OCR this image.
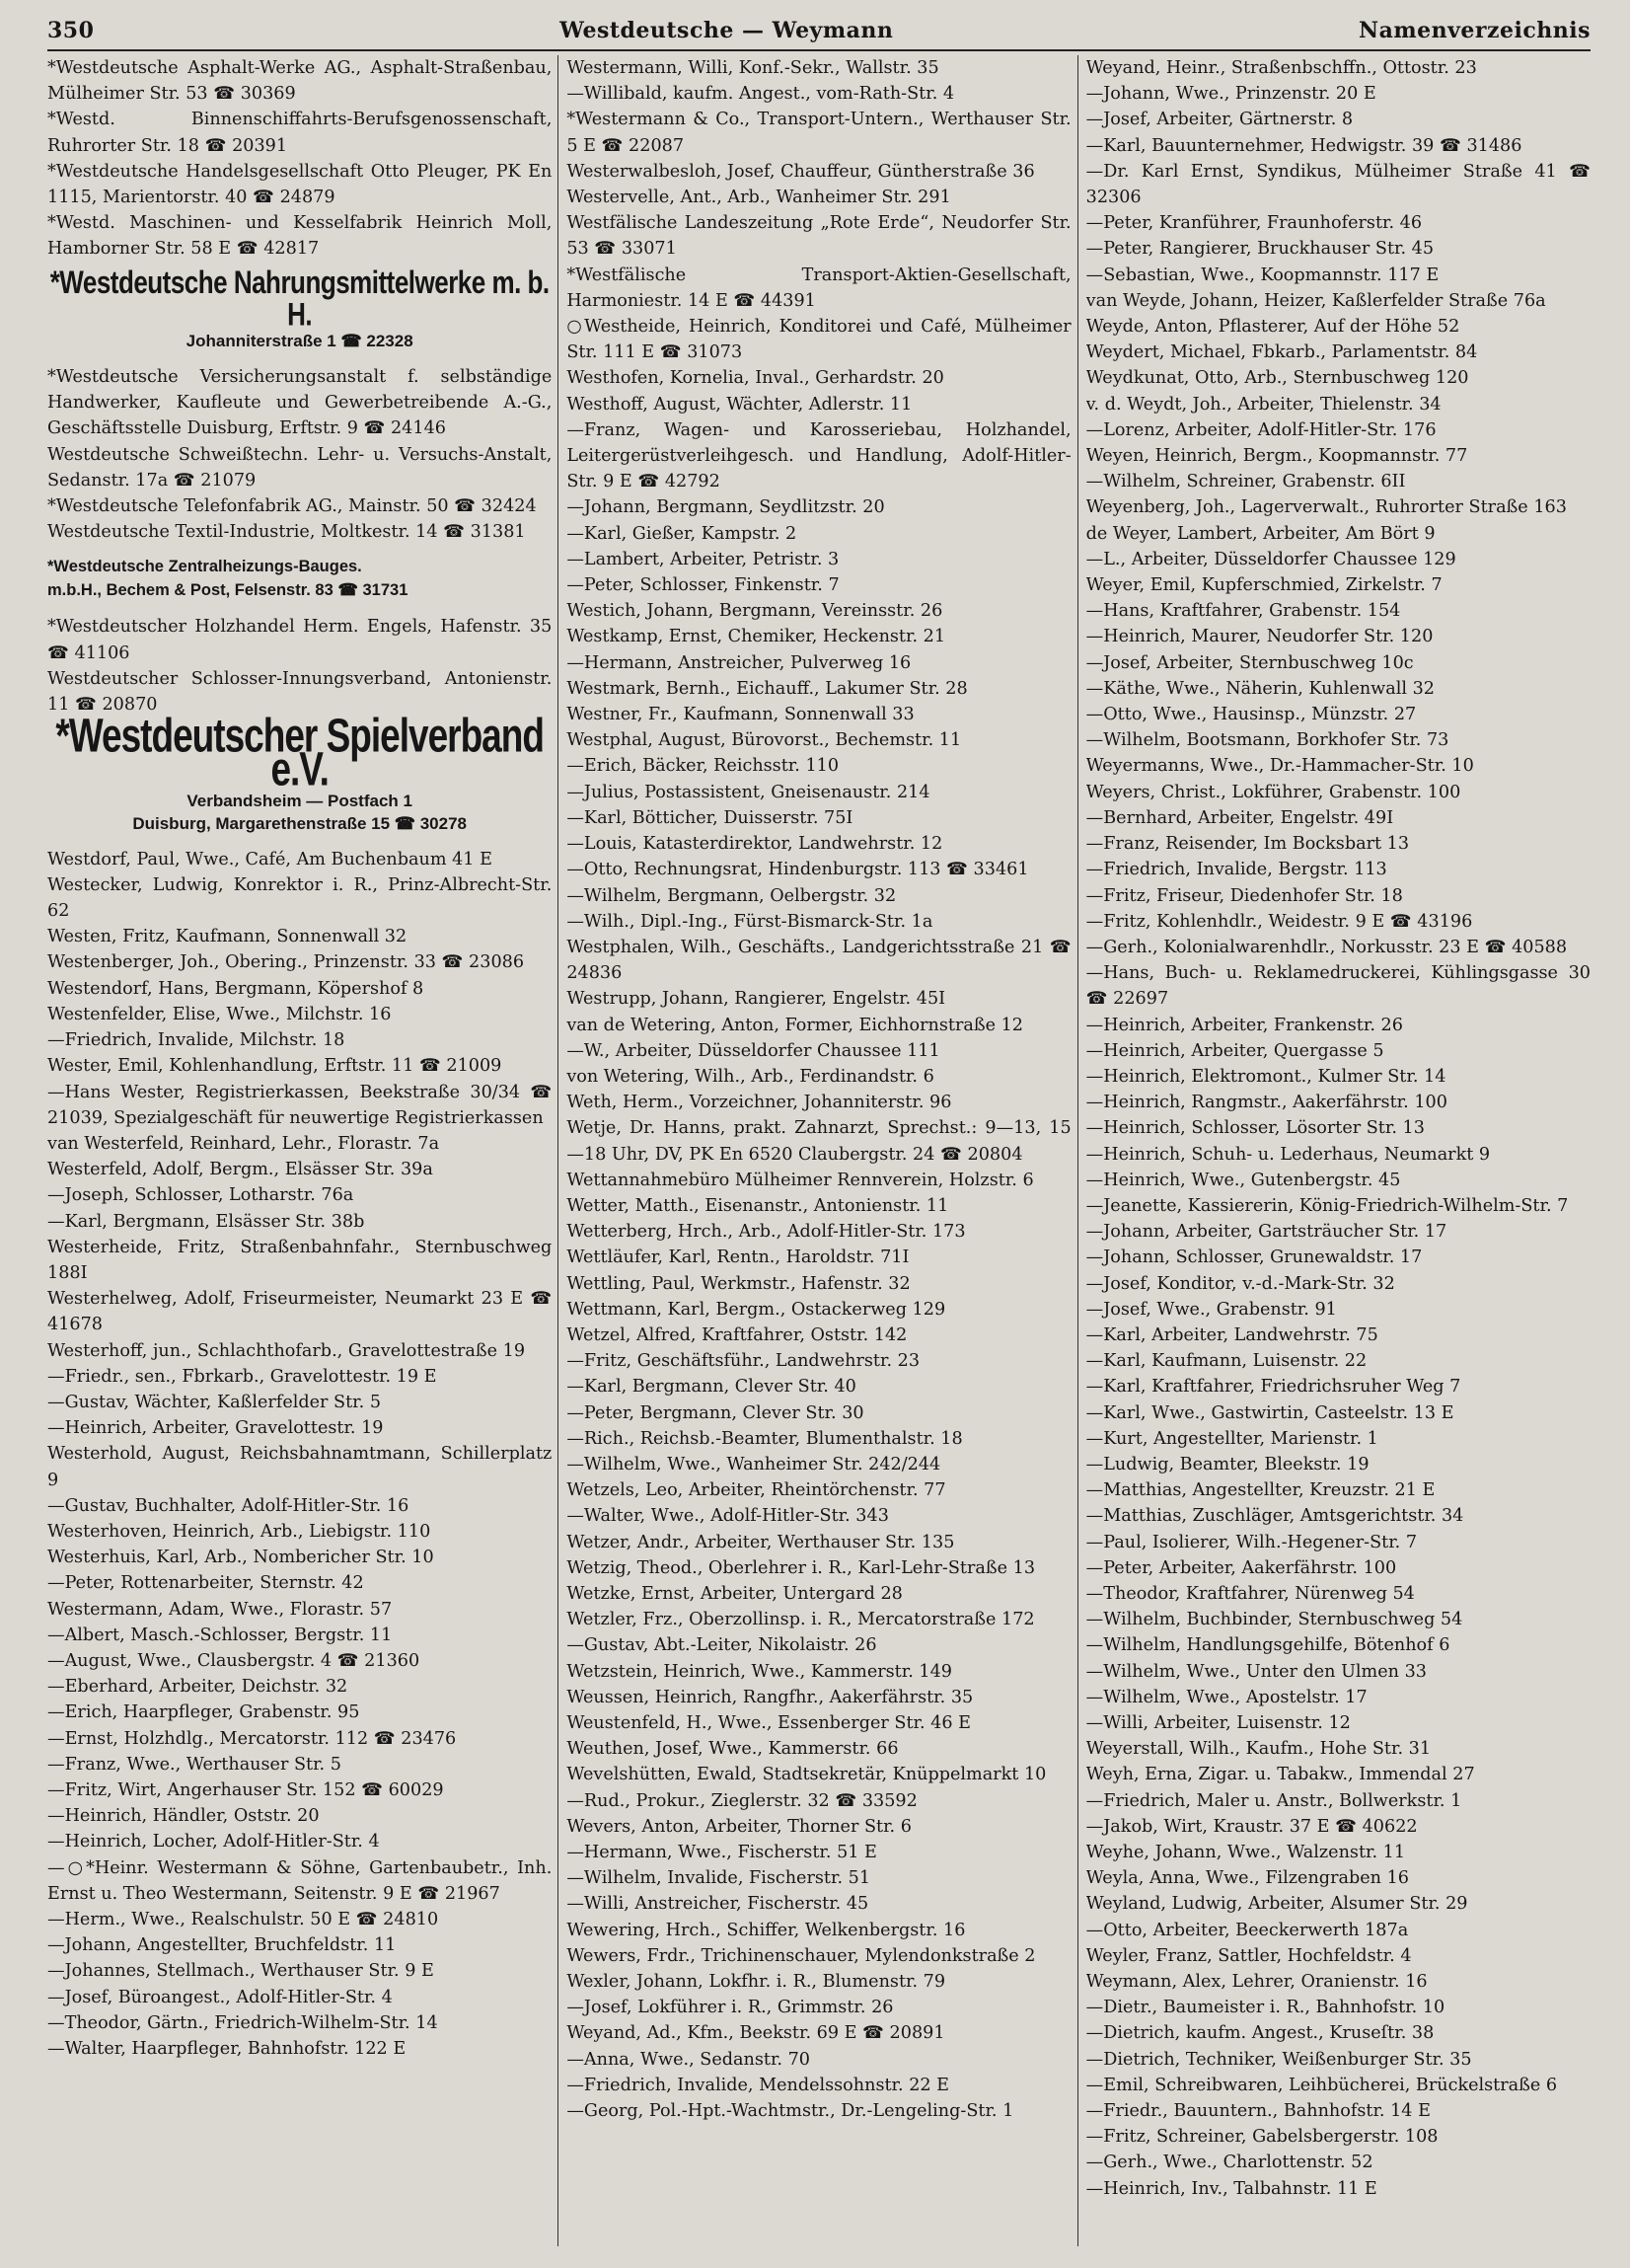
350	Westdeutsche — Weymann	Namenverzeichnis

*Westdeutsche Asphalt-Werke AG., Asphalt-Straßenbau, Mülheimer Str. 53 ☎ 30369

*Westd. Binnenschiffahrts-Berufsgenossenschaft, Ruhrorter Str. 18 ☎ 20391

*Westdeutsche Handelsgesellschaft Otto Pleuger, PK En 1115, Marientorstr. 40 ☎ 24879

*Westd. Maschinen- und Kesselfabrik Heinrich Moll, Hamborner Str. 58 E ☎ 42817

*Westdeutsche Nahrungsmittelwerke m. b. H.
Johanniterstraße 1 ☎ 22328

*Westdeutsche Versicherungsanstalt f. selbständige Handwerker, Kaufleute und Gewerbetreibende A.-G., Geschäftsstelle Duisburg, Erftstr. 9 ☎ 24146

Westdeutsche Schweißtechn. Lehr- u. Versuchs-Anstalt, Sedanstr. 17a ☎ 21079

*Westdeutsche Telefonfabrik AG., Mainstr. 50 ☎ 32424

Westdeutsche Textil-Industrie, Moltkestr. 14 ☎ 31381

*Westdeutsche Zentralheizungs-Bauges.
m.b.H., Bechem & Post, Felsenstr. 83 ☎ 31731

*Westdeutscher Holzhandel Herm. Engels, Hafenstr. 35 ☎ 41106

Westdeutscher Schlosser-Innungsverband, Antonienstr. 11 ☎ 20870

*Westdeutscher Spielverband e.V.
Verbandsheim — Postfach 1
Duisburg, Margarethenstraße 15 ☎ 30278

Westdorf, Paul, Wwe., Café, Am Buchenbaum 41 E

Westecker, Ludwig, Konrektor i. R., Prinz-Albrecht-Str. 62

Westen, Fritz, Kaufmann, Sonnenwall 32

Westenberger, Joh., Obering., Prinzenstr. 33 ☎ 23086

Westendorf, Hans, Bergmann, Köpershof 8

Westenfelder, Elise, Wwe., Milchstr. 16

—Friedrich, Invalide, Milchstr. 18

Wester, Emil, Kohlenhandlung, Erftstr. 11 ☎ 21009

—Hans Wester, Registrierkassen, Beekstraße 30/34 ☎ 21039, Spezialgeschäft für neuwertige Registrierkassen

van Westerfeld, Reinhard, Lehr., Florastr. 7a

Westerfeld, Adolf, Bergm., Elsässer Str. 39a

—Joseph, Schlosser, Lotharstr. 76a

—Karl, Bergmann, Elsässer Str. 38b

Westerheide, Fritz, Straßenbahnfahr., Sternbuschweg 188I

Westerhelweg, Adolf, Friseurmeister, Neumarkt 23 E ☎ 41678

Westerhoff, jun., Schlachthofarb., Gravelottestraße 19

—Friedr., sen., Fbrkarb., Gravelottestr. 19 E

—Gustav, Wächter, Kaßlerfelder Str. 5

—Heinrich, Arbeiter, Gravelottestr. 19

Westerhold, August, Reichsbahnamtmann, Schillerplatz 9

—Gustav, Buchhalter, Adolf-Hitler-Str. 16

Westerhoven, Heinrich, Arb., Liebigstr. 110

Westerhuis, Karl, Arb., Nombericher Str. 10

—Peter, Rottenarbeiter, Sternstr. 42

Westermann, Adam, Wwe., Florastr. 57

—Albert, Masch.-Schlosser, Bergstr. 11

—August, Wwe., Clausbergstr. 4 ☎ 21360

—Eberhard, Arbeiter, Deichstr. 32

—Erich, Haarpfleger, Grabenstr. 95

—Ernst, Holzhdlg., Mercatorstr. 112 ☎ 23476

—Franz, Wwe., Werthauser Str. 5

—Fritz, Wirt, Angerhauser Str. 152 ☎ 60029

—Heinrich, Händler, Oststr. 20

—Heinrich, Locher, Adolf-Hitler-Str. 4

—○*Heinr. Westermann & Söhne, Gartenbaubetr., Inh. Ernst u. Theo Westermann, Seitenstr. 9 E ☎ 21967

—Herm., Wwe., Realschulstr. 50 E ☎ 24810

—Johann, Angestellter, Bruchfeldstr. 11

—Johannes, Stellmach., Werthauser Str. 9 E

—Josef, Büroangest., Adolf-Hitler-Str. 4

—Theodor, Gärtn., Friedrich-Wilhelm-Str. 14

—Walter, Haarpfleger, Bahnhofstr. 122 E

Westermann, Willi, Konf.-Sekr., Wallstr. 35

—Willibald, kaufm. Angest., vom-Rath-Str. 4

*Westermann & Co., Transport-Untern., Werthauser Str. 5 E ☎ 22087

Westerwalbesloh, Josef, Chauffeur, Güntherstraße 36

Westervelle, Ant., Arb., Wanheimer Str. 291

Westfälische Landeszeitung „Rote Erde“, Neudorfer Str. 53 ☎ 33071

*Westfälische Transport-Aktien-Gesellschaft, Harmoniestr. 14 E ☎ 44391

○Westheide, Heinrich, Konditorei und Café, Mülheimer Str. 111 E ☎ 31073

Westhofen, Kornelia, Inval., Gerhardstr. 20

Westhoff, August, Wächter, Adlerstr. 11

—Franz, Wagen- und Karosseriebau, Holzhandel, Leitergerüstverleihgesch. und Handlung, Adolf-Hitler-Str. 9 E ☎ 42792

—Johann, Bergmann, Seydlitzstr. 20

—Karl, Gießer, Kampstr. 2

—Lambert, Arbeiter, Petristr. 3

—Peter, Schlosser, Finkenstr. 7

Westich, Johann, Bergmann, Vereinsstr. 26

Westkamp, Ernst, Chemiker, Heckenstr. 21

—Hermann, Anstreicher, Pulverweg 16

Westmark, Bernh., Eichauff., Lakumer Str. 28

Westner, Fr., Kaufmann, Sonnenwall 33

Westphal, August, Bürovorst., Bechemstr. 11

—Erich, Bäcker, Reichsstr. 110

—Julius, Postassistent, Gneisenaustr. 214

—Karl, Bötticher, Duisserstr. 75I

—Louis, Katasterdirektor, Landwehrstr. 12

—Otto, Rechnungsrat, Hindenburgstr. 113 ☎ 33461

—Wilhelm, Bergmann, Oelbergstr. 32

—Wilh., Dipl.-Ing., Fürst-Bismarck-Str. 1a

Westphalen, Wilh., Geschäfts., Landgerichtsstraße 21 ☎ 24836

Westrupp, Johann, Rangierer, Engelstr. 45I

van de Wetering, Anton, Former, Eichhornstraße 12

—W., Arbeiter, Düsseldorfer Chaussee 111

von Wetering, Wilh., Arb., Ferdinandstr. 6

Weth, Herm., Vorzeichner, Johanniterstr. 96

Wetje, Dr. Hanns, prakt. Zahnarzt, Sprechst.: 9—13, 15—18 Uhr, DV, PK En 6520 Claubergstr. 24 ☎ 20804

Wettannahmebüro Mülheimer Rennverein, Holzstr. 6

Wetter, Matth., Eisenanstr., Antonienstr. 11

Wetterberg, Hrch., Arb., Adolf-Hitler-Str. 173

Wettläufer, Karl, Rentn., Haroldstr. 71I

Wettling, Paul, Werkmstr., Hafenstr. 32

Wettmann, Karl, Bergm., Ostackerweg 129

Wetzel, Alfred, Kraftfahrer, Oststr. 142

—Fritz, Geschäftsführ., Landwehrstr. 23

—Karl, Bergmann, Clever Str. 40

—Peter, Bergmann, Clever Str. 30

—Rich., Reichsb.-Beamter, Blumenthalstr. 18

—Wilhelm, Wwe., Wanheimer Str. 242/244

Wetzels, Leo, Arbeiter, Rheintörchenstr. 77

—Walter, Wwe., Adolf-Hitler-Str. 343

Wetzer, Andr., Arbeiter, Werthauser Str. 135

Wetzig, Theod., Oberlehrer i. R., Karl-Lehr-Straße 13

Wetzke, Ernst, Arbeiter, Untergard 28

Wetzler, Frz., Oberzollinsp. i. R., Mercatorstraße 172

—Gustav, Abt.-Leiter, Nikolaistr. 26

Wetzstein, Heinrich, Wwe., Kammerstr. 149

Weussen, Heinrich, Rangfhr., Aakerfährstr. 35

Weustenfeld, H., Wwe., Essenberger Str. 46 E

Weuthen, Josef, Wwe., Kammerstr. 66

Wevelshütten, Ewald, Stadtsekretär, Knüppelmarkt 10

—Rud., Prokur., Zieglerstr. 32 ☎ 33592

Wevers, Anton, Arbeiter, Thorner Str. 6

—Hermann, Wwe., Fischerstr. 51 E

—Wilhelm, Invalide, Fischerstr. 51

—Willi, Anstreicher, Fischerstr. 45

Wewering, Hrch., Schiffer, Welkenbergstr. 16

Wewers, Frdr., Trichinenschauer, Mylendonkstraße 2

Wexler, Johann, Lokfhr. i. R., Blumenstr. 79

—Josef, Lokführer i. R., Grimmstr. 26

Weyand, Ad., Kfm., Beekstr. 69 E ☎ 20891

—Anna, Wwe., Sedanstr. 70

—Friedrich, Invalide, Mendelssohnstr. 22 E

—Georg, Pol.-Hpt.-Wachtmstr., Dr.-Lengeling-Str. 1

Weyand, Heinr., Straßenbschffn., Ottostr. 23

—Johann, Wwe., Prinzenstr. 20 E

—Josef, Arbeiter, Gärtnerstr. 8

—Karl, Bauunternehmer, Hedwigstr. 39 ☎ 31486

—Dr. Karl Ernst, Syndikus, Mülheimer Straße 41 ☎ 32306

—Peter, Kranführer, Fraunhoferstr. 46

—Peter, Rangierer, Bruckhauser Str. 45

—Sebastian, Wwe., Koopmannstr. 117 E

van Weyde, Johann, Heizer, Kaßlerfelder Straße 76a

Weyde, Anton, Pflasterer, Auf der Höhe 52

Weydert, Michael, Fbkarb., Parlamentstr. 84

Weydkunat, Otto, Arb., Sternbuschweg 120

v. d. Weydt, Joh., Arbeiter, Thielenstr. 34

—Lorenz, Arbeiter, Adolf-Hitler-Str. 176

Weyen, Heinrich, Bergm., Koopmannstr. 77

—Wilhelm, Schreiner, Grabenstr. 6II

Weyenberg, Joh., Lagerverwalt., Ruhrorter Straße 163

de Weyer, Lambert, Arbeiter, Am Bört 9

—L., Arbeiter, Düsseldorfer Chaussee 129

Weyer, Emil, Kupferschmied, Zirkelstr. 7

—Hans, Kraftfahrer, Grabenstr. 154

—Heinrich, Maurer, Neudorfer Str. 120

—Josef, Arbeiter, Sternbuschweg 10c

—Käthe, Wwe., Näherin, Kuhlenwall 32

—Otto, Wwe., Hausinsp., Münzstr. 27

—Wilhelm, Bootsmann, Borkhofer Str. 73

Weyermanns, Wwe., Dr.-Hammacher-Str. 10

Weyers, Christ., Lokführer, Grabenstr. 100

—Bernhard, Arbeiter, Engelstr. 49I

—Franz, Reisender, Im Bocksbart 13

—Friedrich, Invalide, Bergstr. 113

—Fritz, Friseur, Diedenhofer Str. 18

—Fritz, Kohlenhdlr., Weidestr. 9 E ☎ 43196

—Gerh., Kolonialwarenhdlr., Norkusstr. 23 E ☎ 40588

—Hans, Buch- u. Reklamedruckerei, Kühlingsgasse 30 ☎ 22697

—Heinrich, Arbeiter, Frankenstr. 26

—Heinrich, Arbeiter, Quergasse 5

—Heinrich, Elektromont., Kulmer Str. 14

—Heinrich, Rangmstr., Aakerfährstr. 100

—Heinrich, Schlosser, Lösorter Str. 13

—Heinrich, Schuh- u. Lederhaus, Neumarkt 9

—Heinrich, Wwe., Gutenbergstr. 45

—Jeanette, Kassiererin, König-Friedrich-Wilhelm-Str. 7

—Johann, Arbeiter, Gartsträucher Str. 17

—Johann, Schlosser, Grunewaldstr. 17

—Josef, Konditor, v.-d.-Mark-Str. 32

—Josef, Wwe., Grabenstr. 91

—Karl, Arbeiter, Landwehrstr. 75

—Karl, Kaufmann, Luisenstr. 22

—Karl, Kraftfahrer, Friedrichsruher Weg 7

—Karl, Wwe., Gastwirtin, Casteelstr. 13 E

—Kurt, Angestellter, Marienstr. 1

—Ludwig, Beamter, Bleekstr. 19

—Matthias, Angestellter, Kreuzstr. 21 E

—Matthias, Zuschläger, Amtsgerichtstr. 34

—Paul, Isolierer, Wilh.-Hegener-Str. 7

—Peter, Arbeiter, Aakerfährstr. 100

—Theodor, Kraftfahrer, Nürenweg 54

—Wilhelm, Buchbinder, Sternbuschweg 54

—Wilhelm, Handlungsgehilfe, Bötenhof 6

—Wilhelm, Wwe., Unter den Ulmen 33

—Wilhelm, Wwe., Apostelstr. 17

—Willi, Arbeiter, Luisenstr. 12

Weyerstall, Wilh., Kaufm., Hohe Str. 31

Weyh, Erna, Zigar. u. Tabakw., Immendal 27

—Friedrich, Maler u. Anstr., Bollwerkstr. 1

—Jakob, Wirt, Kraustr. 37 E ☎ 40622

Weyhe, Johann, Wwe., Walzenstr. 11

Weyla, Anna, Wwe., Filzengraben 16

Weyland, Ludwig, Arbeiter, Alsumer Str. 29

—Otto, Arbeiter, Beeckerwerth 187a

Weyler, Franz, Sattler, Hochfeldstr. 4

Weymann, Alex, Lehrer, Oranienstr. 16

—Dietr., Baumeister i. R., Bahnhofstr. 10

—Dietrich, kaufm. Angest., Kruseſtr. 38

—Dietrich, Techniker, Weißenburger Str. 35

—Emil, Schreibwaren, Leihbücherei, Brückelstraße 6

—Friedr., Bauuntern., Bahnhofstr. 14 E

—Fritz, Schreiner, Gabelsbergerstr. 108

—Gerh., Wwe., Charlottenstr. 52

—Heinrich, Inv., Talbahnstr. 11 E
